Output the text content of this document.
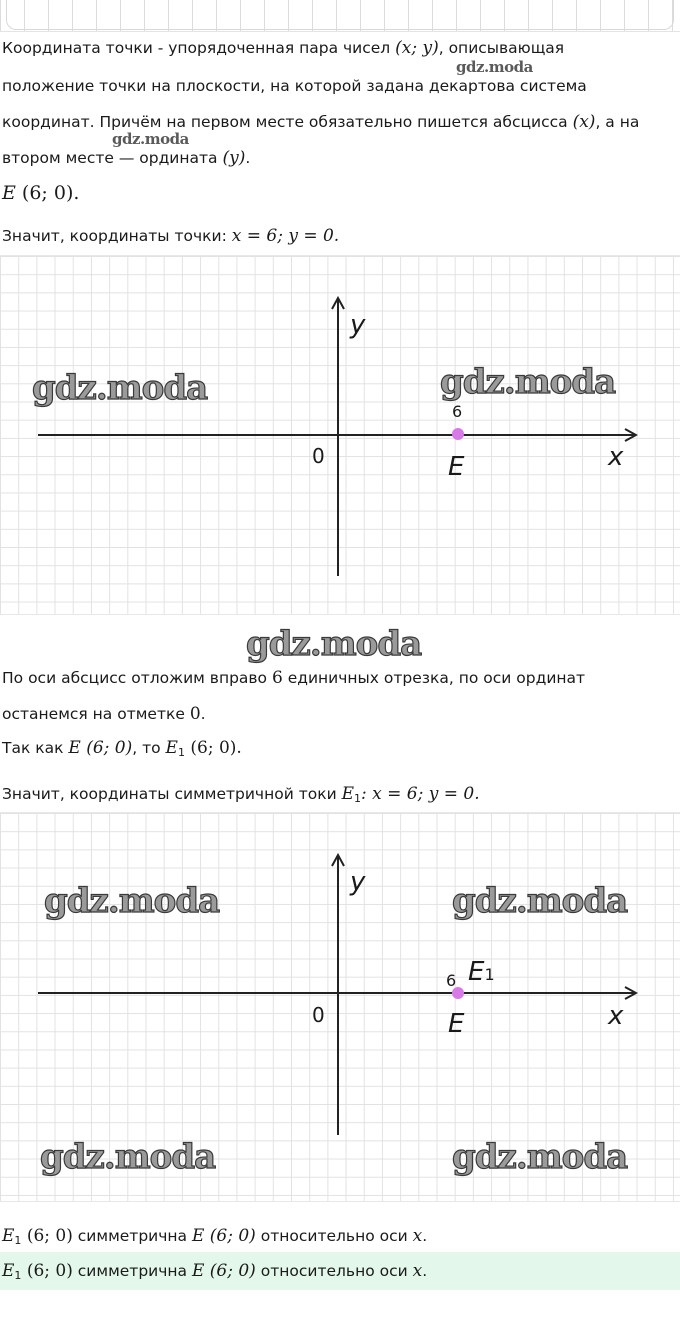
Координата точки - упорядоченная пара чисел (x; y), описывающая
gdz.moda
положение точки на плоскости, на которой задана декартова система
координат. Причём на первом месте обязательно пишется абсцисса (x), а на
gdz.moda
втором месте — ордината (y).
E (6; 0).
Значит, координаты точки: x = 6; y = 0.
gdz.moda	gdz.moda
y
x
0
6
E
gdz.moda
По оси абсцисс отложим вправо 6 единичных отрезка, по оси ординат
останемся на отметке 0.
Так как E (6; 0), то $E_1$ (6; 0).
Значит, координаты симметричной токи $E_1$: x = 6; y = 0.
gdz.moda	gdz.moda
gdz.moda	gdz.moda
y
x
0
6 E1
E
$E_1$ (6; 0) симметрична E (6; 0) относительно оси x.
$E_1$ (6; 0) симметрична E (6; 0) относительно оси x.
